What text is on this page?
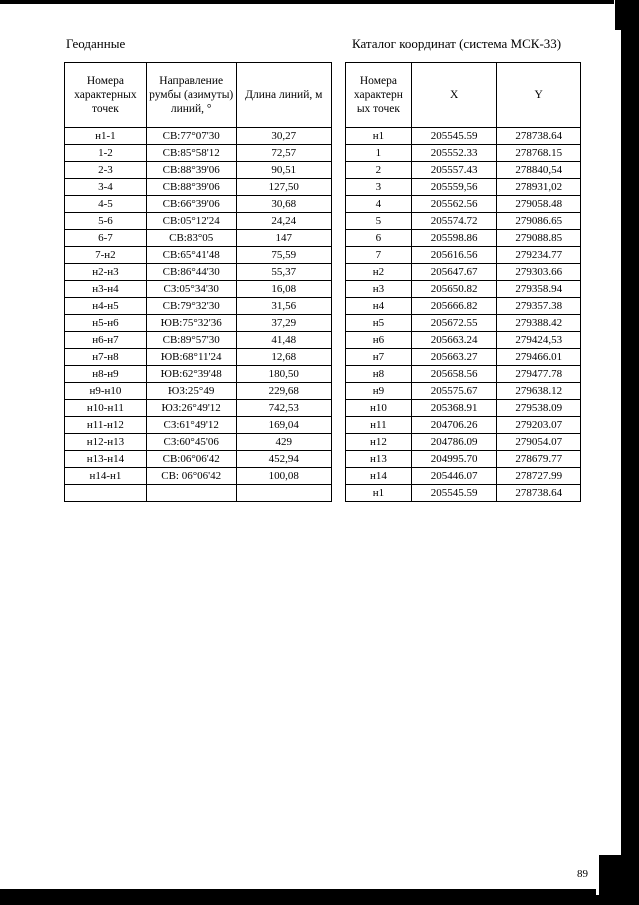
Геоданные	Каталог координат (система МСК-33)
Номера характерных точек	Направление румбы (азимуты) линий, °	Длина линий, м
н1-1	СВ:77°07'30	30,27
1-2	СВ:85°58'12	72,57
2-3	СВ:88°39'06	90,51
3-4	СВ:88°39'06	127,50
4-5	СВ:66°39'06	30,68
5-6	СВ:05°12'24	24,24
6-7	СВ:83°05	147
7-н2	СВ:65°41'48	75,59
н2-н3	СВ:86°44'30	55,37
н3-н4	СЗ:05°34'30	16,08
н4-н5	СВ:79°32'30	31,56
н5-н6	ЮВ:75°32'36	37,29
н6-н7	СВ:89°57'30	41,48
н7-н8	ЮВ:68°11'24	12,68
н8-н9	ЮВ:62°39'48	180,50
н9-н10	ЮЗ:25°49	229,68
н10-н11	ЮЗ:26°49'12	742,53
н11-н12	СЗ:61°49'12	169,04
н12-н13	СЗ:60°45'06	429
н13-н14	СВ:06°06'42	452,94
н14-н1	СВ: 06°06'42	100,08

Номера характерн ых точек	X	Y
н1	205545.59	278738.64
1	205552.33	278768.15
2	205557.43	278840,54
3	205559,56	278931,02
4	205562.56	279058.48
5	205574.72	279086.65
6	205598.86	279088.85
7	205616.56	279234.77
н2	205647.67	279303.66
н3	205650.82	279358.94
н4	205666.82	279357.38
н5	205672.55	279388.42
н6	205663.24	279424,53
н7	205663.27	279466.01
н8	205658.56	279477.78
н9	205575.67	279638.12
н10	205368.91	279538.09
н11	204706.26	279203.07
н12	204786.09	279054.07
н13	204995.70	278679.77
н14	205446.07	278727.99
н1	205545.59	278738.64
89
